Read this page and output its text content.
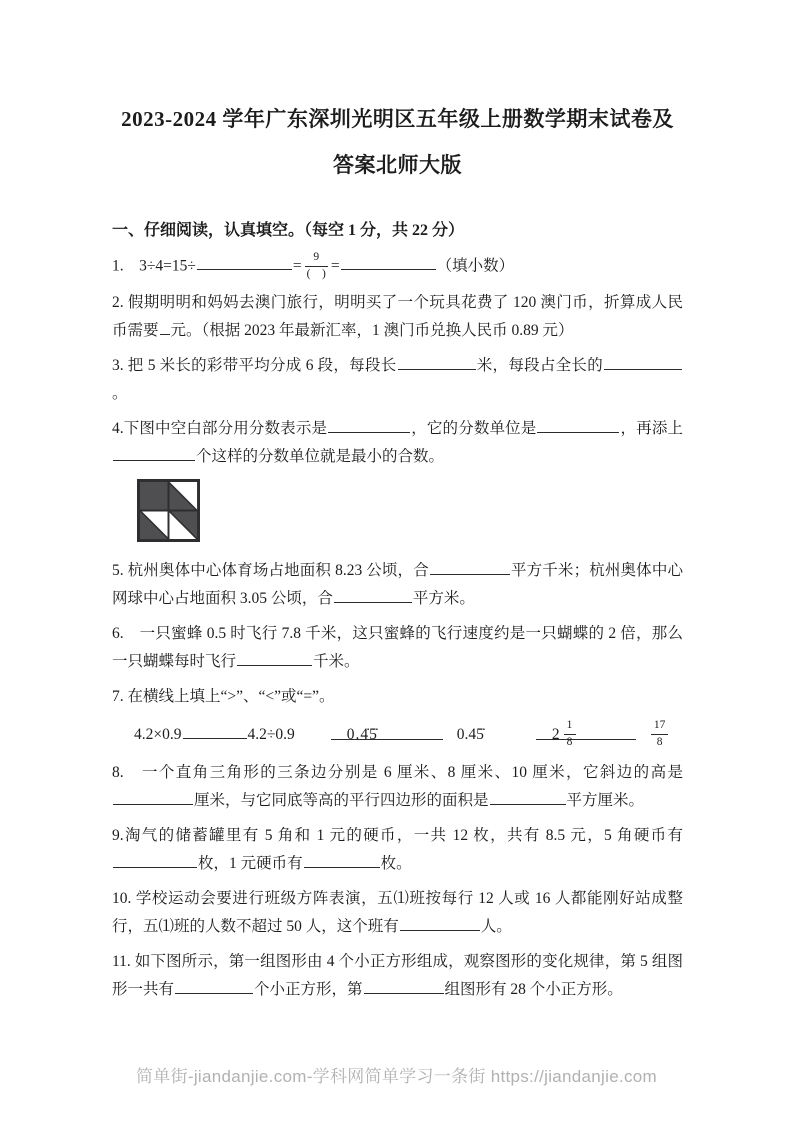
2023-2024 学年广东深圳光明区五年级上册数学期末试卷及
答案北师大版
一、仔细阅读，认真填空。（每空 1 分，共 22 分）

1.　3÷4=15÷	= $\frac{9}{( )}$ =	（填小数）

2. 假期明明和妈妈去澳门旅行，明明买了一个玩具花费了 120 澳门币，折算成人民币需要 元。（根据 2023 年最新汇率，1 澳门币兑换人民币 0.89 元）

3. 把 5 米长的彩带平均分成 6 段，每段长	米，每段占全长的。

4.下图中空白部分用分数表示是	，它的分数单位是	，再添上个这样的分数单位就是最小的合数。

5. 杭州奥体中心体育场占地面积 8.23 公顷，合	平方千米；杭州奥体中心网球中心占地面积 3.05 公顷，合	平方米。

6.　一只蜜蜂 0.5 时飞行 7.8 千米，这只蜜蜂的飞行速度约是一只蝴蝶的 2 倍，那么一只蝴蝶每时飞行	千米。

7. 在横线上填上“>”、“<”或“=”。

4.2×0.9	4.2÷0.9	0.4̇5̇	0.45̇	$2 \frac{1}{8}$	$\frac{17}{8}$

8.　一个直角三角形的三条边分别是 6 厘米、8 厘米、10 厘米，它斜边的高是厘米，与它同底等高的平行四边形的面积是	平方厘米。

9.淘气的储蓄罐里有 5 角和 1 元的硬币，一共 12 枚，共有 8.5 元，5 角硬币有枚，1 元硬币有	枚。

10. 学校运动会要进行班级方阵表演，五⑴班按每行 12 人或 16 人都能刚好站成整行，五⑴班的人数不超过 50 人，这个班有	人。

11. 如下图所示，第一组图形由 4 个小正方形组成，观察图形的变化规律，第 5 组图形一共有	个小正方形，第	组图形有 28 个小正方形。

简单街-jiandanjie.com-学科网简单学习一条街 https://jiandanjie.com
